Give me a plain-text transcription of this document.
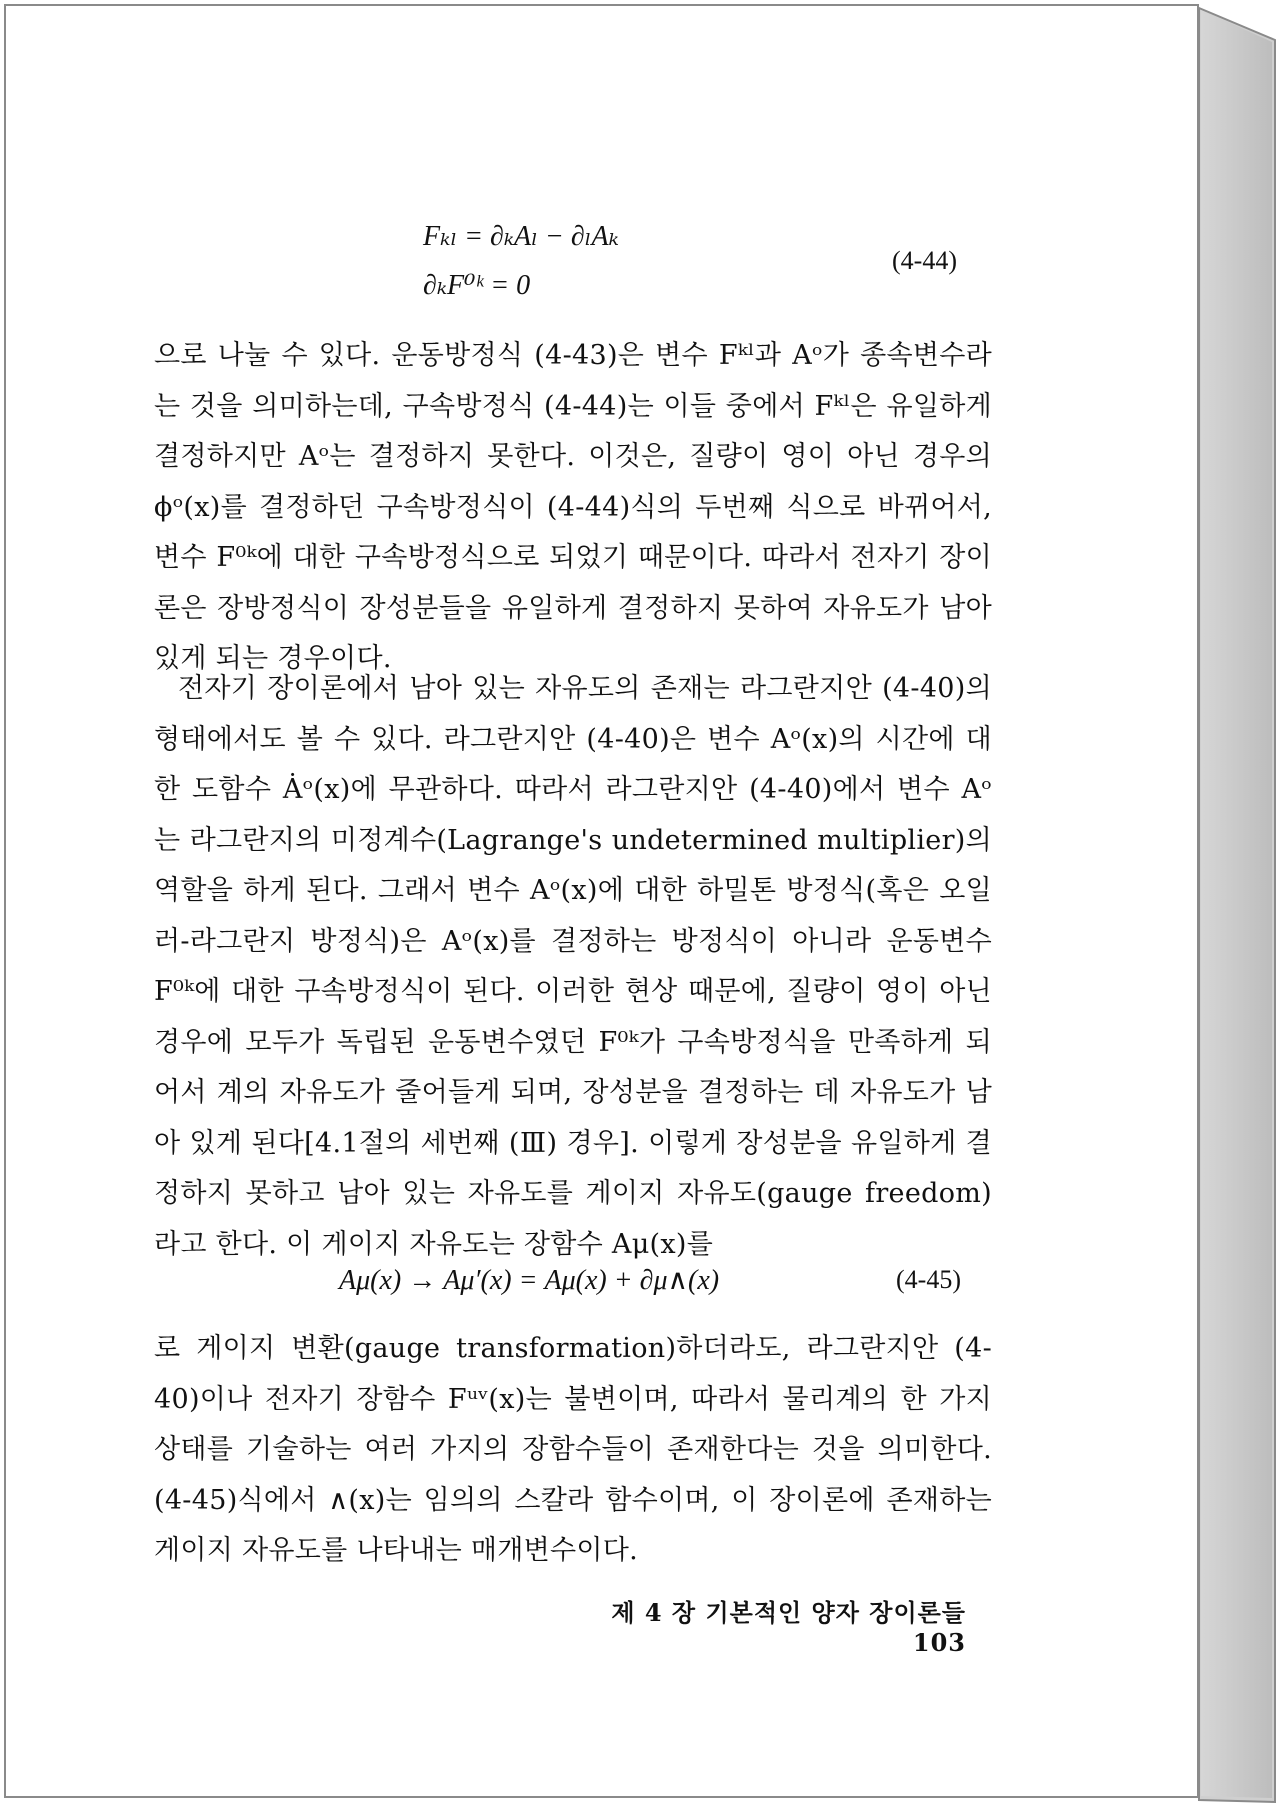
Fₖₗ = ∂ₖAₗ − ∂ₗAₖ
∂ₖF⁰ᵏ = 0
(4-44)

으로 나눌 수 있다. 운동방정식 (4-43)은 변수 Fᵏˡ과 Aᵒ가 종속변수라는 것을 의미하는데, 구속방정식 (4-44)는 이들 중에서 Fᵏˡ은 유일하게 결정하지만 Aᵒ는 결정하지 못한다. 이것은, 질량이 영이 아닌 경우의 ϕᵒ(x)를 결정하던 구속방정식이 (4-44)식의 두번째 식으로 바뀌어서, 변수 F⁰ᵏ에 대한 구속방정식으로 되었기 때문이다. 따라서 전자기 장이론은 장방정식이 장성분들을 유일하게 결정하지 못하여 자유도가 남아 있게 되는 경우이다.

전자기 장이론에서 남아 있는 자유도의 존재는 라그란지안 (4-40)의 형태에서도 볼 수 있다. 라그란지안 (4-40)은 변수 Aᵒ(x)의 시간에 대한 도함수 Ȧᵒ(x)에 무관하다. 따라서 라그란지안 (4-40)에서 변수 Aᵒ는 라그란지의 미정계수(Lagrange's undetermined multiplier)의 역할을 하게 된다. 그래서 변수 Aᵒ(x)에 대한 하밀톤 방정식(혹은 오일러-라그란지 방정식)은 Aᵒ(x)를 결정하는 방정식이 아니라 운동변수 F⁰ᵏ에 대한 구속방정식이 된다. 이러한 현상 때문에, 질량이 영이 아닌 경우에 모두가 독립된 운동변수였던 F⁰ᵏ가 구속방정식을 만족하게 되어서 계의 자유도가 줄어들게 되며, 장성분을 결정하는 데 자유도가 남아 있게 된다[4.1절의 세번째 (Ⅲ) 경우]. 이렇게 장성분을 유일하게 결정하지 못하고 남아 있는 자유도를 게이지 자유도(gauge freedom)라고 한다. 이 게이지 자유도는 장함수 Aμ(x)를

Aμ(x) → Aμ′(x) = Aμ(x) + ∂μ∧(x)	(4-45)

로 게이지 변환(gauge transformation)하더라도, 라그란지안 (4-40)이나 전자기 장함수 Fᵘᵛ(x)는 불변이며, 따라서 물리계의 한 가지 상태를 기술하는 여러 가지의 장함수들이 존재한다는 것을 의미한다. (4-45)식에서 ∧(x)는 임의의 스칼라 함수이며, 이 장이론에 존재하는 게이지 자유도를 나타내는 매개변수이다.

제 4 장 기본적인 양자 장이론들 103
